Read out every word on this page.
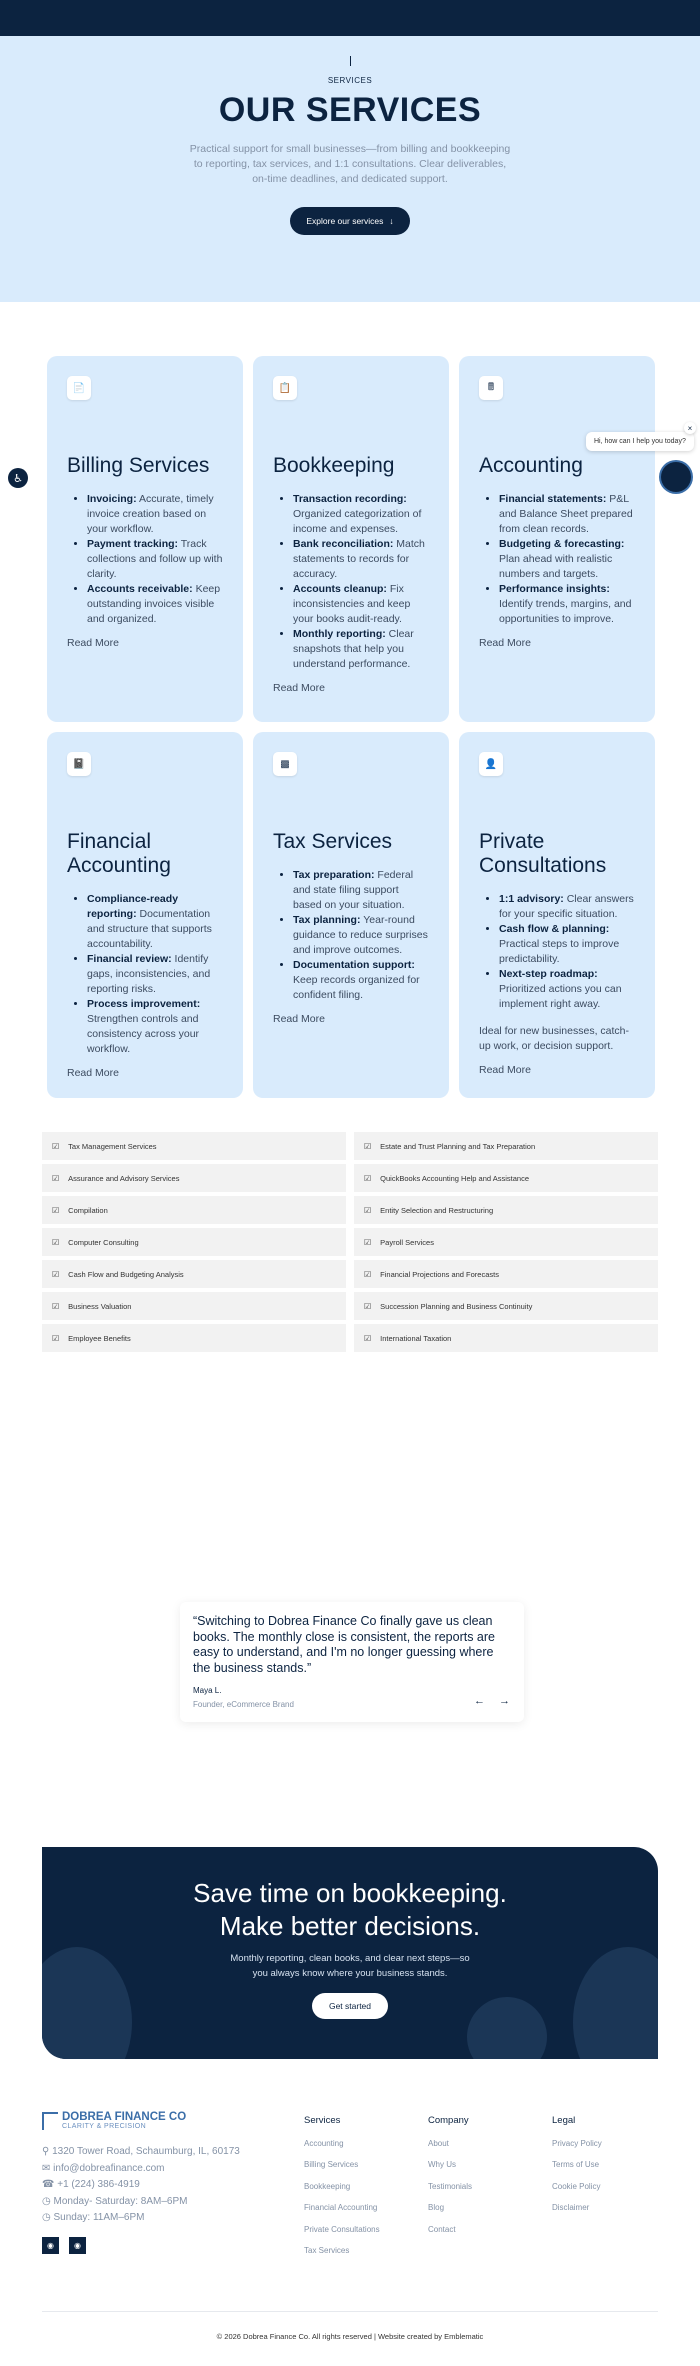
SERVICES
OUR SERVICES

Practical support for small businesses—from billing and bookkeeping to reporting, tax services, and 1:1 consultations. Clear deliverables, on-time deadlines, and dedicated support.

Explore our services ↓
📄
Billing Services
• Invoicing: Accurate, timely invoice creation based on your workflow.
• Payment tracking: Track collections and follow up with clarity.
• Accounts receivable: Keep outstanding invoices visible and organized.
Read More
📋
Bookkeeping
• Transaction recording: Organized categorization of income and expenses.
• Bank reconciliation: Match statements to records for accuracy.
• Accounts cleanup: Fix inconsistencies and keep your books audit-ready.
• Monthly reporting: Clear snapshots that help you understand performance.
Read More
🖩
Accounting
• Financial statements: P&L and Balance Sheet prepared from clean records.
• Budgeting & forecasting: Plan ahead with realistic numbers and targets.
• Performance insights: Identify trends, margins, and opportunities to improve.
Read More
📓
Financial Accounting
• Compliance-ready reporting: Documentation and structure that supports accountability.
• Financial review: Identify gaps, inconsistencies, and reporting risks.
• Process improvement: Strengthen controls and consistency across your workflow.
Read More
▩
Tax Services
• Tax preparation: Federal and state filing support based on your situation.
• Tax planning: Year-round guidance to reduce surprises and improve outcomes.
• Documentation support: Keep records organized for confident filing.
Read More
👤
Private Consultations
• 1:1 advisory: Clear answers for your specific situation.
• Cash flow & planning: Practical steps to improve predictability.
• Next-step roadmap: Prioritized actions you can implement right away.
Ideal for new businesses, catch-up work, or decision support.
Read More
♿
Hi, how can I help you today?
×
☑ Tax Management Services	☑ Estate and Trust Planning and Tax Preparation
☑ Assurance and Advisory Services	☑ QuickBooks Accounting Help and Assistance
☑ Compilation	☑ Entity Selection and Restructuring
☑ Computer Consulting	☑ Payroll Services
☑ Cash Flow and Budgeting Analysis	☑ Financial Projections and Forecasts
☑ Business Valuation	☑ Succession Planning and Business Continuity
☑ Employee Benefits	☑ International Taxation
“Switching to Dobrea Finance Co finally gave us clean books. The monthly close is consistent, the reports are easy to understand, and I'm no longer guessing where the business stands.”
Maya L.
Founder, eCommerce Brand	← →
Save time on bookkeeping.
Make better decisions.

Monthly reporting, clean books, and clear next steps—so
you always know where your business stands.

Get started
DOBREA FINANCE CO
CLARITY & PRECISION
⚲ 1320 Tower Road, Schaumburg, IL, 60173
✉ info@dobreafinance.com
☎ +1 (224) 386-4919
◷ Monday- Saturday: 8AM–6PM
◷ Sunday: 11AM–6PM
◉	◉
Services
Accounting
Billing Services
Bookkeeping
Financial Accounting
Private Consultations
Tax Services
Company
About
Why Us
Testimonials
Blog
Contact
Legal
Privacy Policy
Terms of Use
Cookie Policy
Disclaimer
© 2026 Dobrea Finance Co. All rights reserved | Website created by Emblematic
